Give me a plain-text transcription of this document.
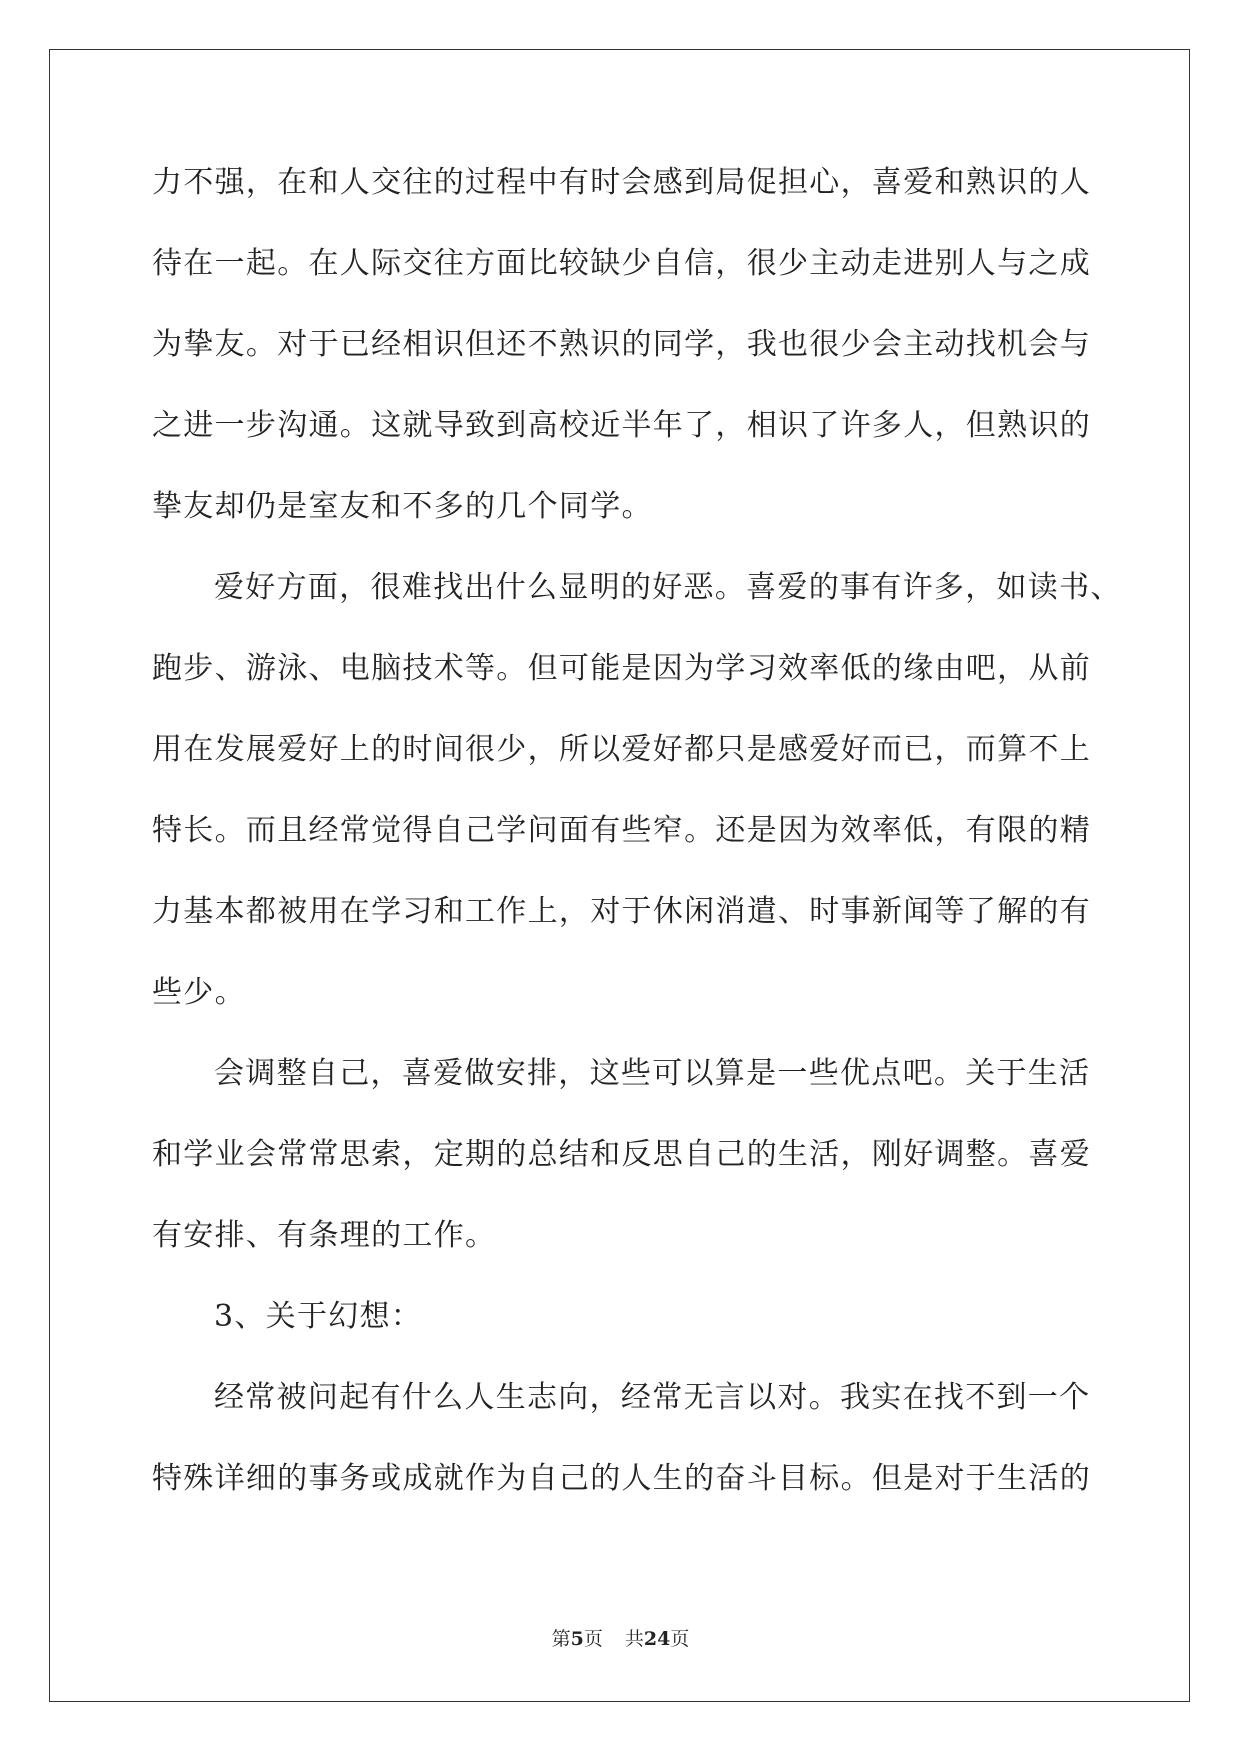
力不强，在和人交往的过程中有时会感到局促担心，喜爱和熟识的人
待在一起。在人际交往方面比较缺少自信，很少主动走进别人与之成
为挚友。对于已经相识但还不熟识的同学，我也很少会主动找机会与
之进一步沟通。这就导致到高校近半年了，相识了许多人，但熟识的
挚友却仍是室友和不多的几个同学。
爱好方面，很难找出什么显明的好恶。喜爱的事有许多，如读书、
跑步、游泳、电脑技术等。但可能是因为学习效率低的缘由吧，从前
用在发展爱好上的时间很少，所以爱好都只是感爱好而已，而算不上
特长。而且经常觉得自己学问面有些窄。还是因为效率低，有限的精
力基本都被用在学习和工作上，对于休闲消遣、时事新闻等了解的有
些少。
会调整自己，喜爱做安排，这些可以算是一些优点吧。关于生活
和学业会常常思索，定期的总结和反思自己的生活，刚好调整。喜爱
有安排、有条理的工作。
3、关于幻想：
经常被问起有什么人生志向，经常无言以对。我实在找不到一个
特殊详细的事务或成就作为自己的人生的奋斗目标。但是对于生活的
第5页 共24页
